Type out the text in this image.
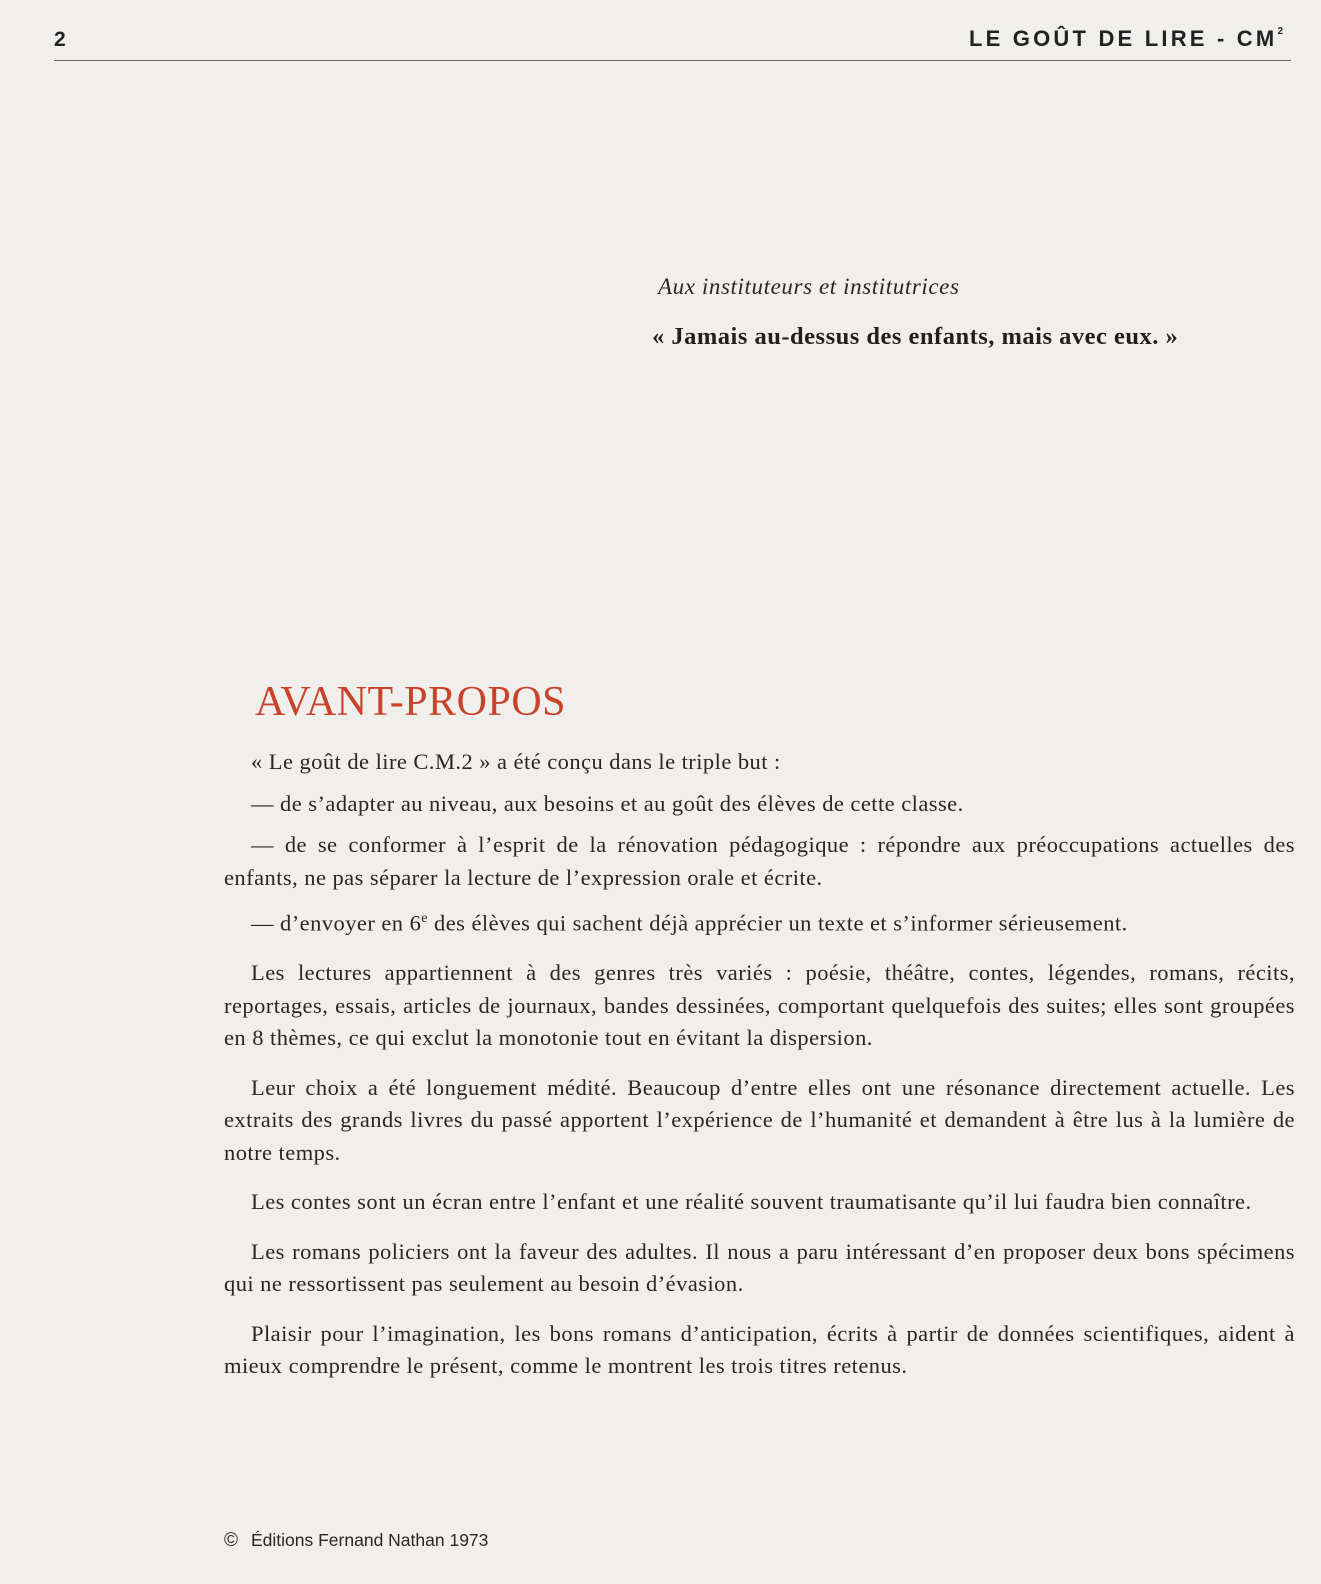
2	LE GOÛT DE LIRE - $CM^2$
Aux instituteurs et institutrices
« Jamais au-dessus des enfants, mais avec eux. »
AVANT-PROPOS

« Le goût de lire C.M.2 » a été conçu dans le triple but :

— de s’adapter au niveau, aux besoins et au goût des élèves de cette classe.

— de se conformer à l’esprit de la rénovation pédagogique : répondre aux préoccupations actuelles des enfants, ne pas séparer la lecture de l’expression orale et écrite.

— d’envoyer en 6e des élèves qui sachent déjà apprécier un texte et s’informer sérieusement.

Les lectures appartiennent à des genres très variés : poésie, théâtre, contes, légendes, romans, récits, reportages, essais, articles de journaux, bandes dessinées, comportant quelquefois des suites; elles sont groupées en 8 thèmes, ce qui exclut la monotonie tout en évitant la dispersion.

Leur choix a été longuement médité. Beaucoup d’entre elles ont une résonance directement actuelle. Les extraits des grands livres du passé apportent l’expérience de l’humanité et demandent à être lus à la lumière de notre temps.

Les contes sont un écran entre l’enfant et une réalité souvent traumatisante qu’il lui faudra bien connaître.

Les romans policiers ont la faveur des adultes. Il nous a paru intéressant d’en proposer deux bons spécimens qui ne ressortissent pas seulement au besoin d’évasion.

Plaisir pour l’imagination, les bons romans d’anticipation, écrits à partir de données scientifiques, aident à mieux comprendre le présent, comme le montrent les trois titres retenus.

© Éditions Fernand Nathan 1973
